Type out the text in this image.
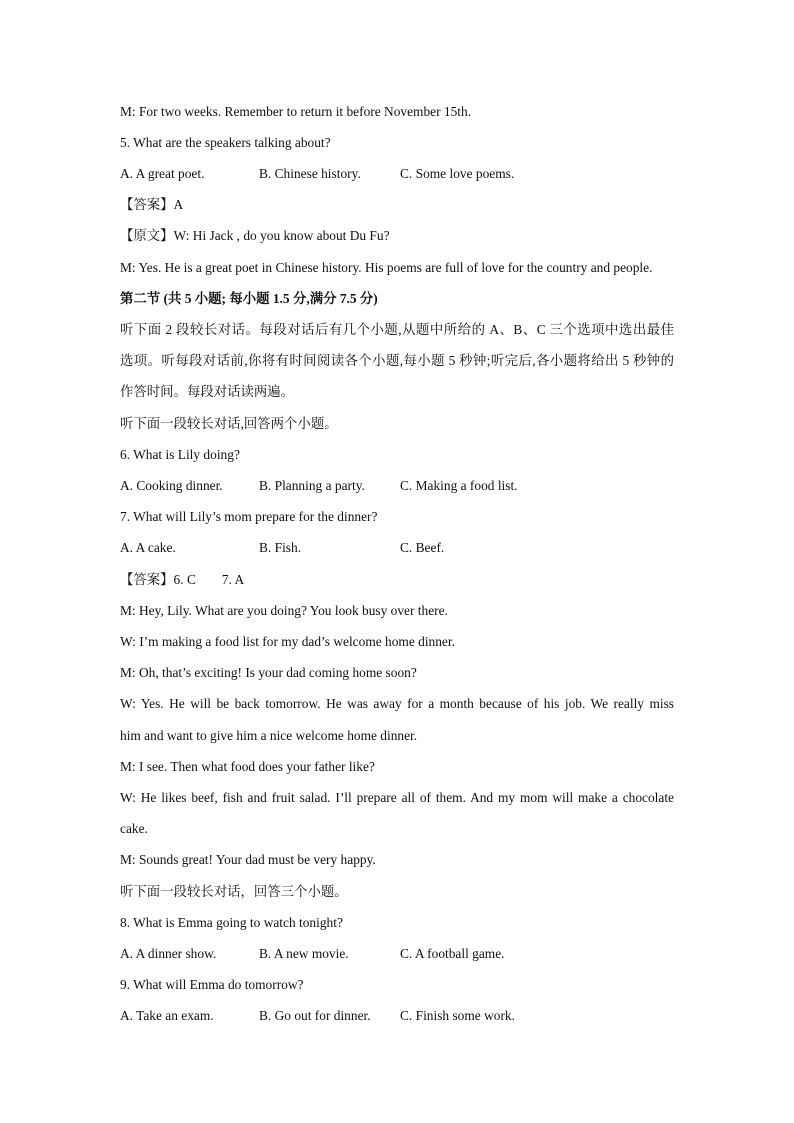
M: For two weeks. Remember to return it before November 15th.
5. What are the speakers talking about?
A. A great poet.	B. Chinese history.	C. Some love poems.
【答案】A
【原文】W: Hi Jack , do you know about Du Fu?
M: Yes. He is a great poet in Chinese history. His poems are full of love for the country and people.
第二节 (共 5 小题; 每小题 1.5 分,满分 7.5 分)
听下面 2 段较长对话。每段对话后有几个小题,从题中所给的 A、B、C 三个选项中选出最佳
选项。听每段对话前,你将有时间阅读各个小题,每小题 5 秒钟;听完后,各小题将给出 5 秒钟的
作答时间。每段对话读两遍。
听下面一段较长对话,回答两个小题。
6. What is Lily doing?
A. Cooking dinner.	B. Planning a party.	C. Making a food list.
7. What will Lily’s mom prepare for the dinner?
A. A cake.	B. Fish.	C. Beef.
【答案】6. C 7. A
M: Hey, Lily. What are you doing? You look busy over there.
W: I’m making a food list for my dad’s welcome home dinner.
M: Oh, that’s exciting! Is your dad coming home soon?
W: Yes. He will be back tomorrow. He was away for a month because of his job. We really miss
him and want to give him a nice welcome home dinner.
M: I see. Then what food does your father like?
W: He likes beef, fish and fruit salad. I’ll prepare all of them. And my mom will make a chocolate
cake.
M: Sounds great! Your dad must be very happy.
听下面一段较长对话，回答三个小题。
8. What is Emma going to watch tonight?
A. A dinner show.	B. A new movie.	C. A football game.
9. What will Emma do tomorrow?
A. Take an exam.	B. Go out for dinner. C. Finish some work.
